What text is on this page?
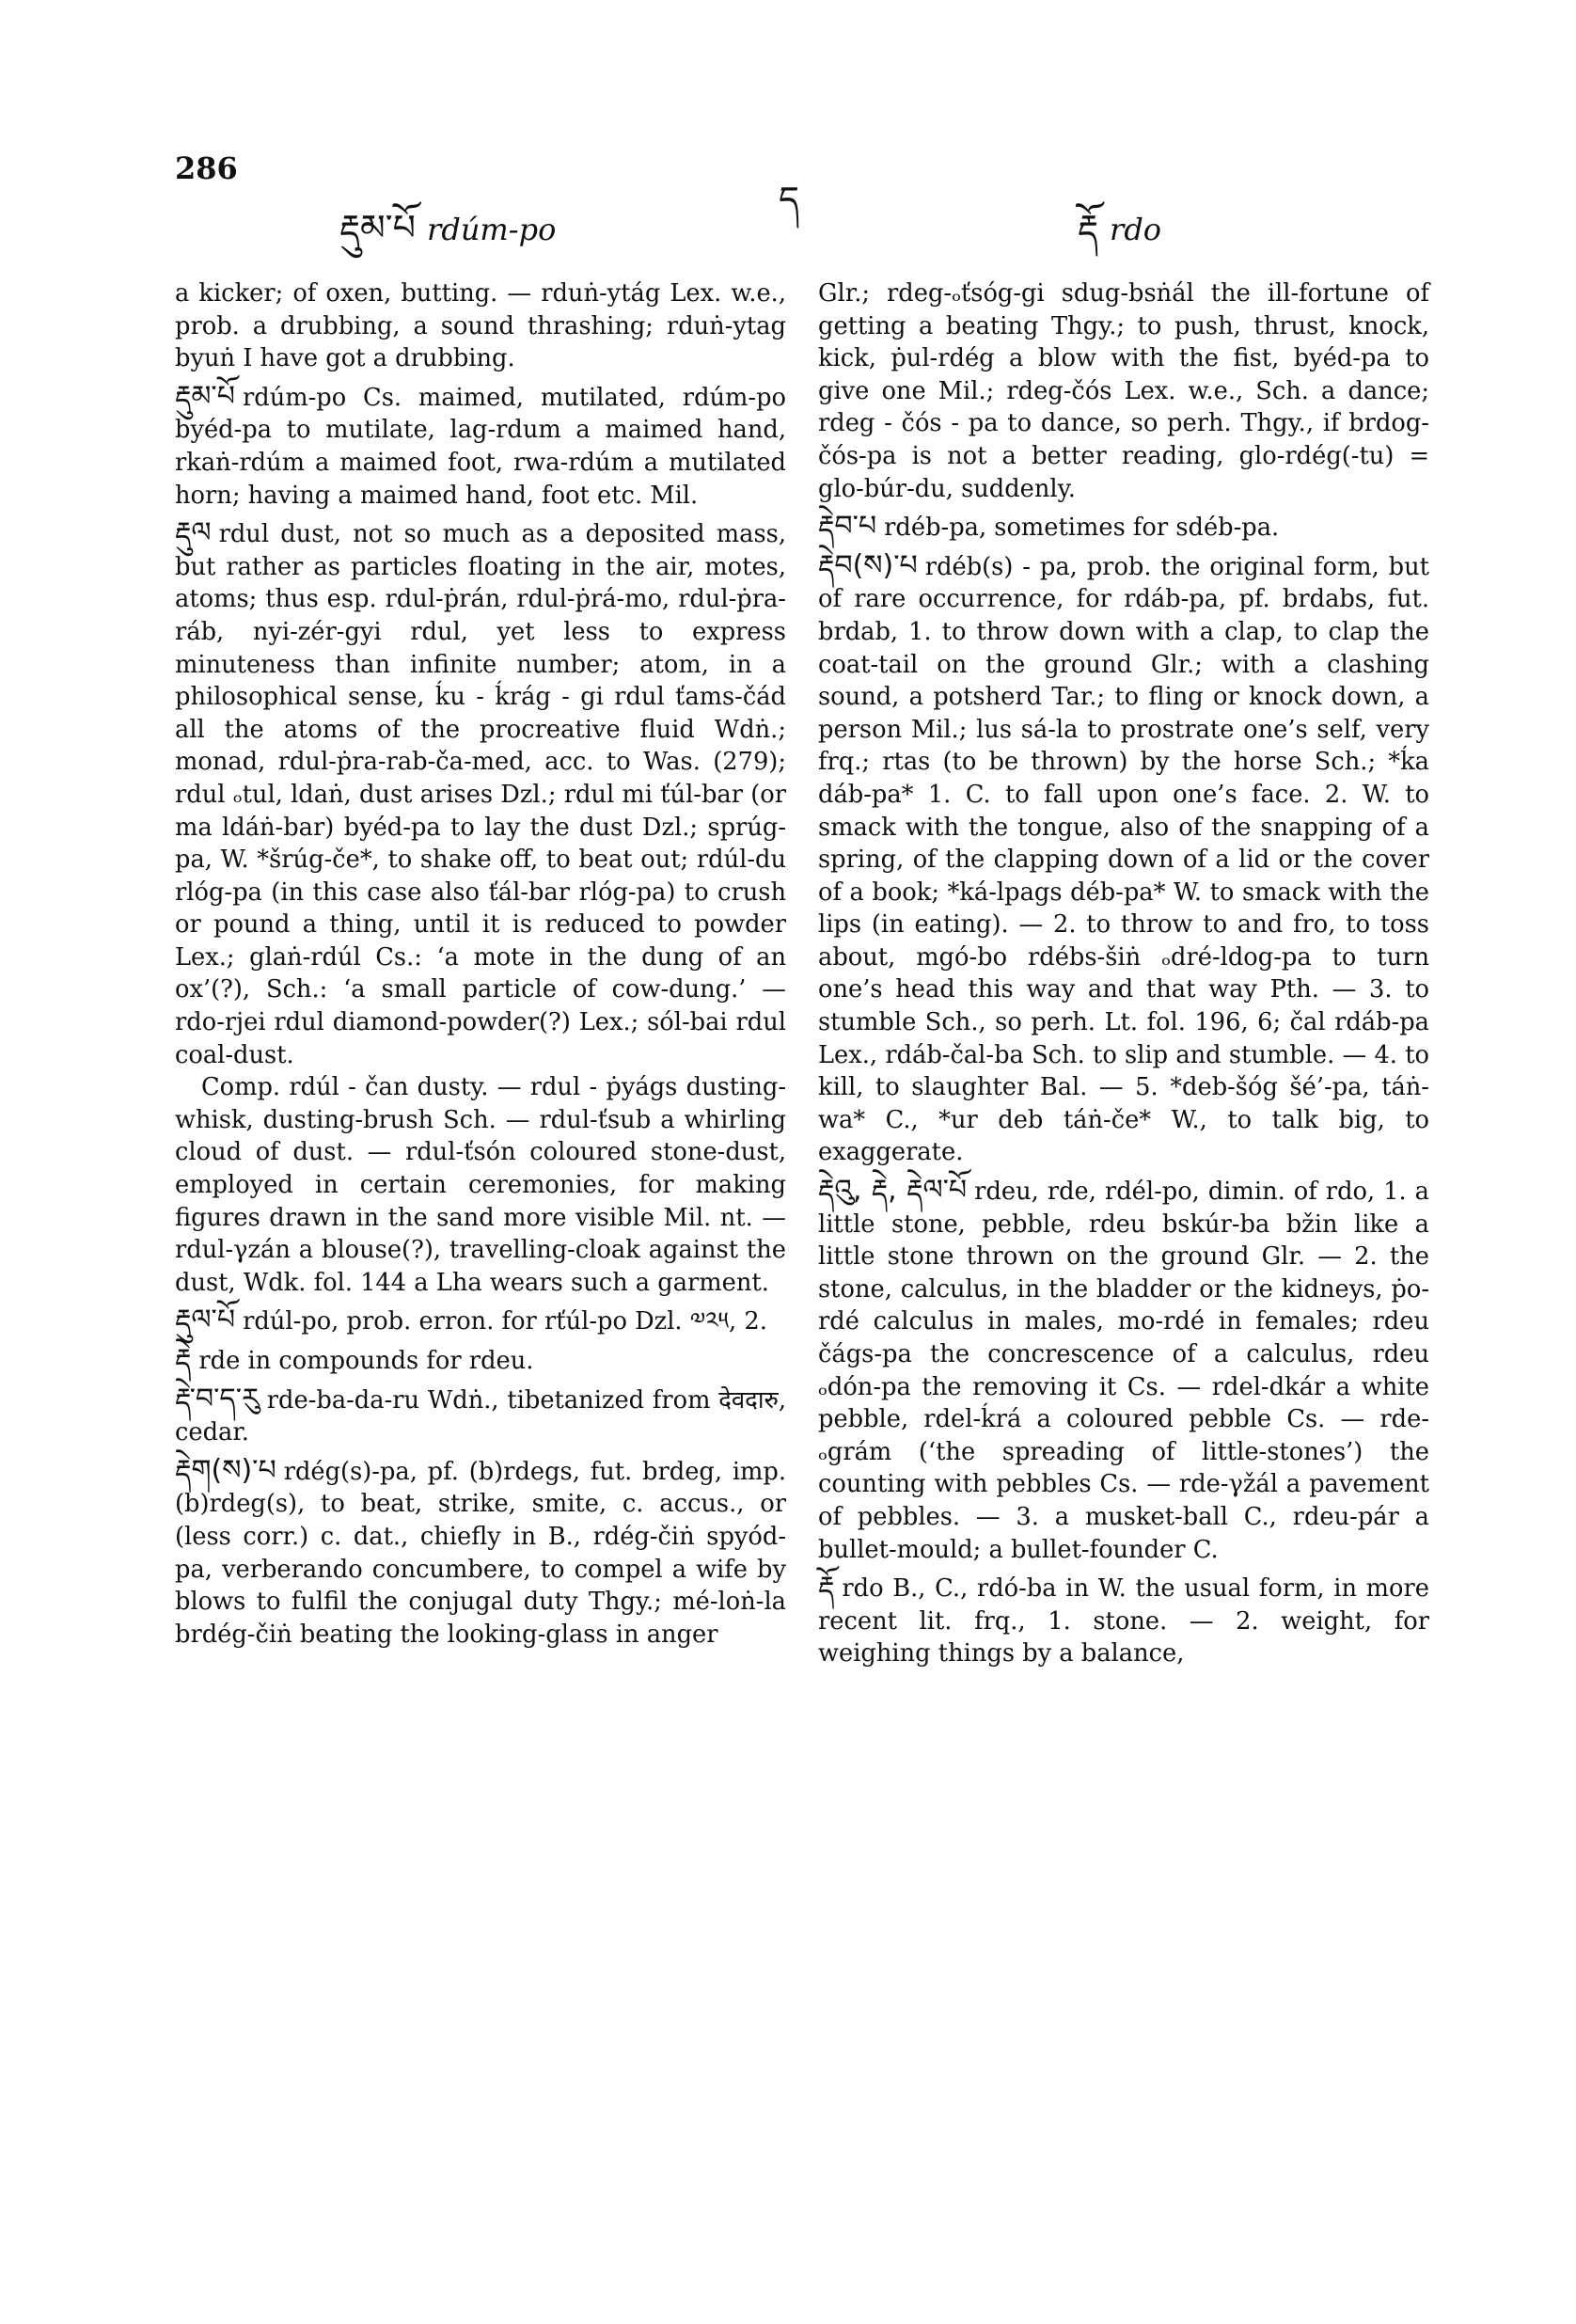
286
རྡུམ་པོ rdúm-po
ད
རྡོ rdo

a kicker; of oxen, butting. — rduṅ-ytág Lex. w.e., prob. a drubbing, a sound thrashing; rduṅ-ytag byuṅ I have got a drubbing.

རྡུམ་པོ rdúm-po Cs. maimed, mutilated, rdúm-po byéd-pa to mutilate, lag-rdum a maimed hand, rkaṅ-rdúm a maimed foot, rwa-rdúm a mutilated horn; having a maimed hand, foot etc. Mil.

རྡུལ rdul dust, not so much as a deposited mass, but rather as particles floating in the air, motes, atoms; thus esp. rdul-ṗrán, rdul-ṗrá-mo, rdul-ṗra-ráb, nyi-zér-gyi rdul, yet less to express minuteness than infinite number; atom, in a philosophical sense, ḱu - ḱrág - gi rdul ťams-čád all the atoms of the procreative fluid Wdṅ.; monad, rdul-ṗra-rab-ča-med, acc. to Was. (279); rdul ₒtul, ldaṅ, dust arises Dzl.; rdul mi ťúl-bar (or ma ldáṅ-bar) byéd-pa to lay the dust Dzl.; sprúg-pa, W. *šrúg-če*, to shake off, to beat out; rdúl-du rlóg-pa (in this case also ťál-bar rlóg-pa) to crush or pound a thing, until it is reduced to powder Lex.; glaṅ-rdúl Cs.: ‘a mote in the dung of an ox’(?), Sch.: ‘a small particle of cow-dung.’ — rdo-rjei rdul diamond-powder(?) Lex.; sól-bai rdul coal-dust.

Comp. rdúl - čan dusty. — rdul - ṗyágs dusting-whisk, dusting-brush Sch. — rdul-ťsub a whirling cloud of dust. — rdul-ťsón coloured stone-dust, employed in certain ceremonies, for making figures drawn in the sand more visible Mil. nt. — rdul-γzán a blouse(?), travelling-cloak against the dust, Wdk. fol. 144 a Lha wears such a garment.

རྡུལ་པོ rdúl-po, prob. erron. for rťúl-po Dzl. ༧༢༥, 2.

རྡེ rde in compounds for rdeu.

རྡེ་བ་ད་རུ rde-ba-da-ru Wdṅ., tibetanized from देवदारु, cedar.

རྡེག(ས)་པ rdég(s)-pa, pf. (b)rdegs, fut. brdeg, imp. (b)rdeg(s), to beat, strike, smite, c. accus., or (less corr.) c. dat., chiefly in B., rdég-čiṅ spyód-pa, verberando concumbere, to compel a wife by blows to fulfil the conjugal duty Thgy.; mé-loṅ-la brdég-čiṅ beating the looking-glass in anger

Glr.; rdeg-ₒťsóg-gi sdug-bsṅál the ill-fortune of getting a beating Thgy.; to push, thrust, knock, kick, ṗul-rdég a blow with the fist, byéd-pa to give one Mil.; rdeg-čós Lex. w.e., Sch. a dance; rdeg - čós - pa to dance, so perh. Thgy., if brdog-čós-pa is not a better reading, glo-rdég(-tu) = glo-búr-du, suddenly.

རྡེབ་པ rdéb-pa, sometimes for sdéb-pa.

རྡེབ(ས)་པ rdéb(s) - pa, prob. the original form, but of rare occurrence, for rdáb-pa, pf. brdabs, fut. brdab, 1. to throw down with a clap, to clap the coat-tail on the ground Glr.; with a clashing sound, a potsherd Tar.; to fling or knock down, a person Mil.; lus sá-la to prostrate one’s self, very frq.; rtas (to be thrown) by the horse Sch.; *ḱa dáb-pa* 1. C. to fall upon one’s face. 2. W. to smack with the tongue, also of the snapping of a spring, of the clapping down of a lid or the cover of a book; *ká-lpags déb-pa* W. to smack with the lips (in eating). — 2. to throw to and fro, to toss about, mgó-bo rdébs-šiṅ ₒdré-ldog-pa to turn one’s head this way and that way Pth. — 3. to stumble Sch., so perh. Lt. fol. 196, 6; čal rdáb-pa Lex., rdáb-čal-ba Sch. to slip and stumble. — 4. to kill, to slaughter Bal. — 5. *deb-šóg šé’-pa, táṅ-wa* C., *ur deb táṅ-če* W., to talk big, to exaggerate.

རྡེའུ, རྡེ, རྡེལ་པོ rdeu, rde, rdél-po, dimin. of rdo, 1. a little stone, pebble, rdeu bskúr-ba bžin like a little stone thrown on the ground Glr. — 2. the stone, calculus, in the bladder or the kidneys, ṗo-rdé calculus in males, mo-rdé in females; rdeu čágs-pa the concrescence of a calculus, rdeu ₒdón-pa the removing it Cs. — rdel-dkár a white pebble, rdel-ḱrá a coloured pebble Cs. — rde-ₒgrám (‘the spreading of little-stones’) the counting with pebbles Cs. — rde-γžál a pavement of pebbles. — 3. a musket-ball C., rdeu-pár a bullet-mould; a bullet-founder C.

རྡོ rdo B., C., rdó-ba in W. the usual form, in more recent lit. frq., 1. stone. — 2. weight, for weighing things by a balance,
